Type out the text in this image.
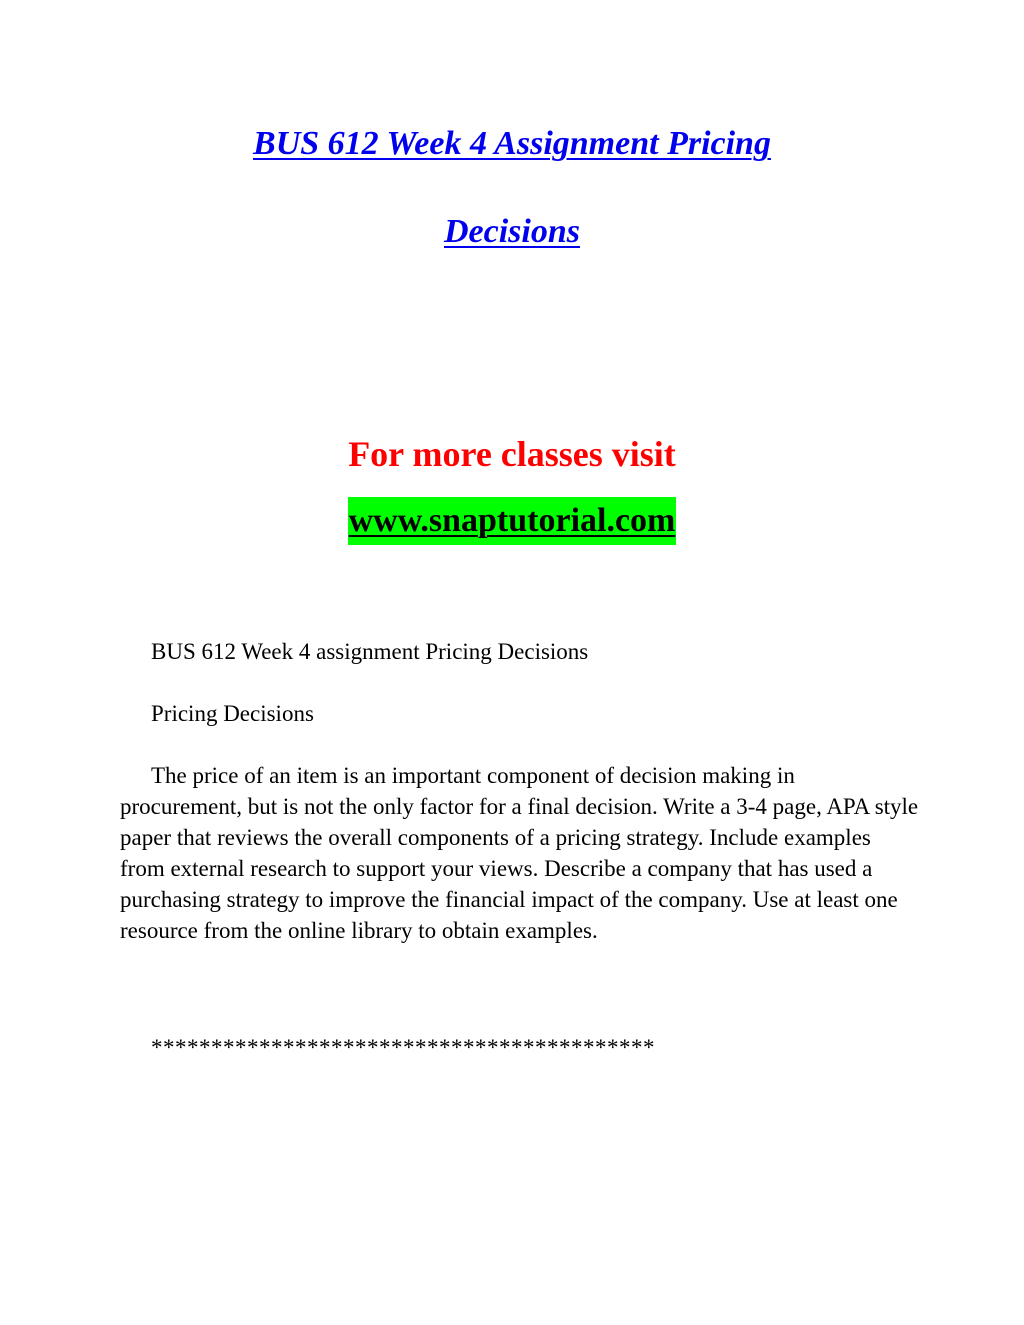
BUS 612 Week 4 Assignment Pricing
Decisions
For more classes visit
www.snaptutorial.com
BUS 612 Week 4 assignment Pricing Decisions
Pricing Decisions
The price of an item is an important component of decision making in procurement, but is not the only factor for a final decision. Write a 3-4 page, APA style paper that reviews the overall components of a pricing strategy. Include examples from external research to support your views. Describe a company that has used a purchasing strategy to improve the financial impact of the company. Use at least one resource from the online library to obtain examples.
******************************************
